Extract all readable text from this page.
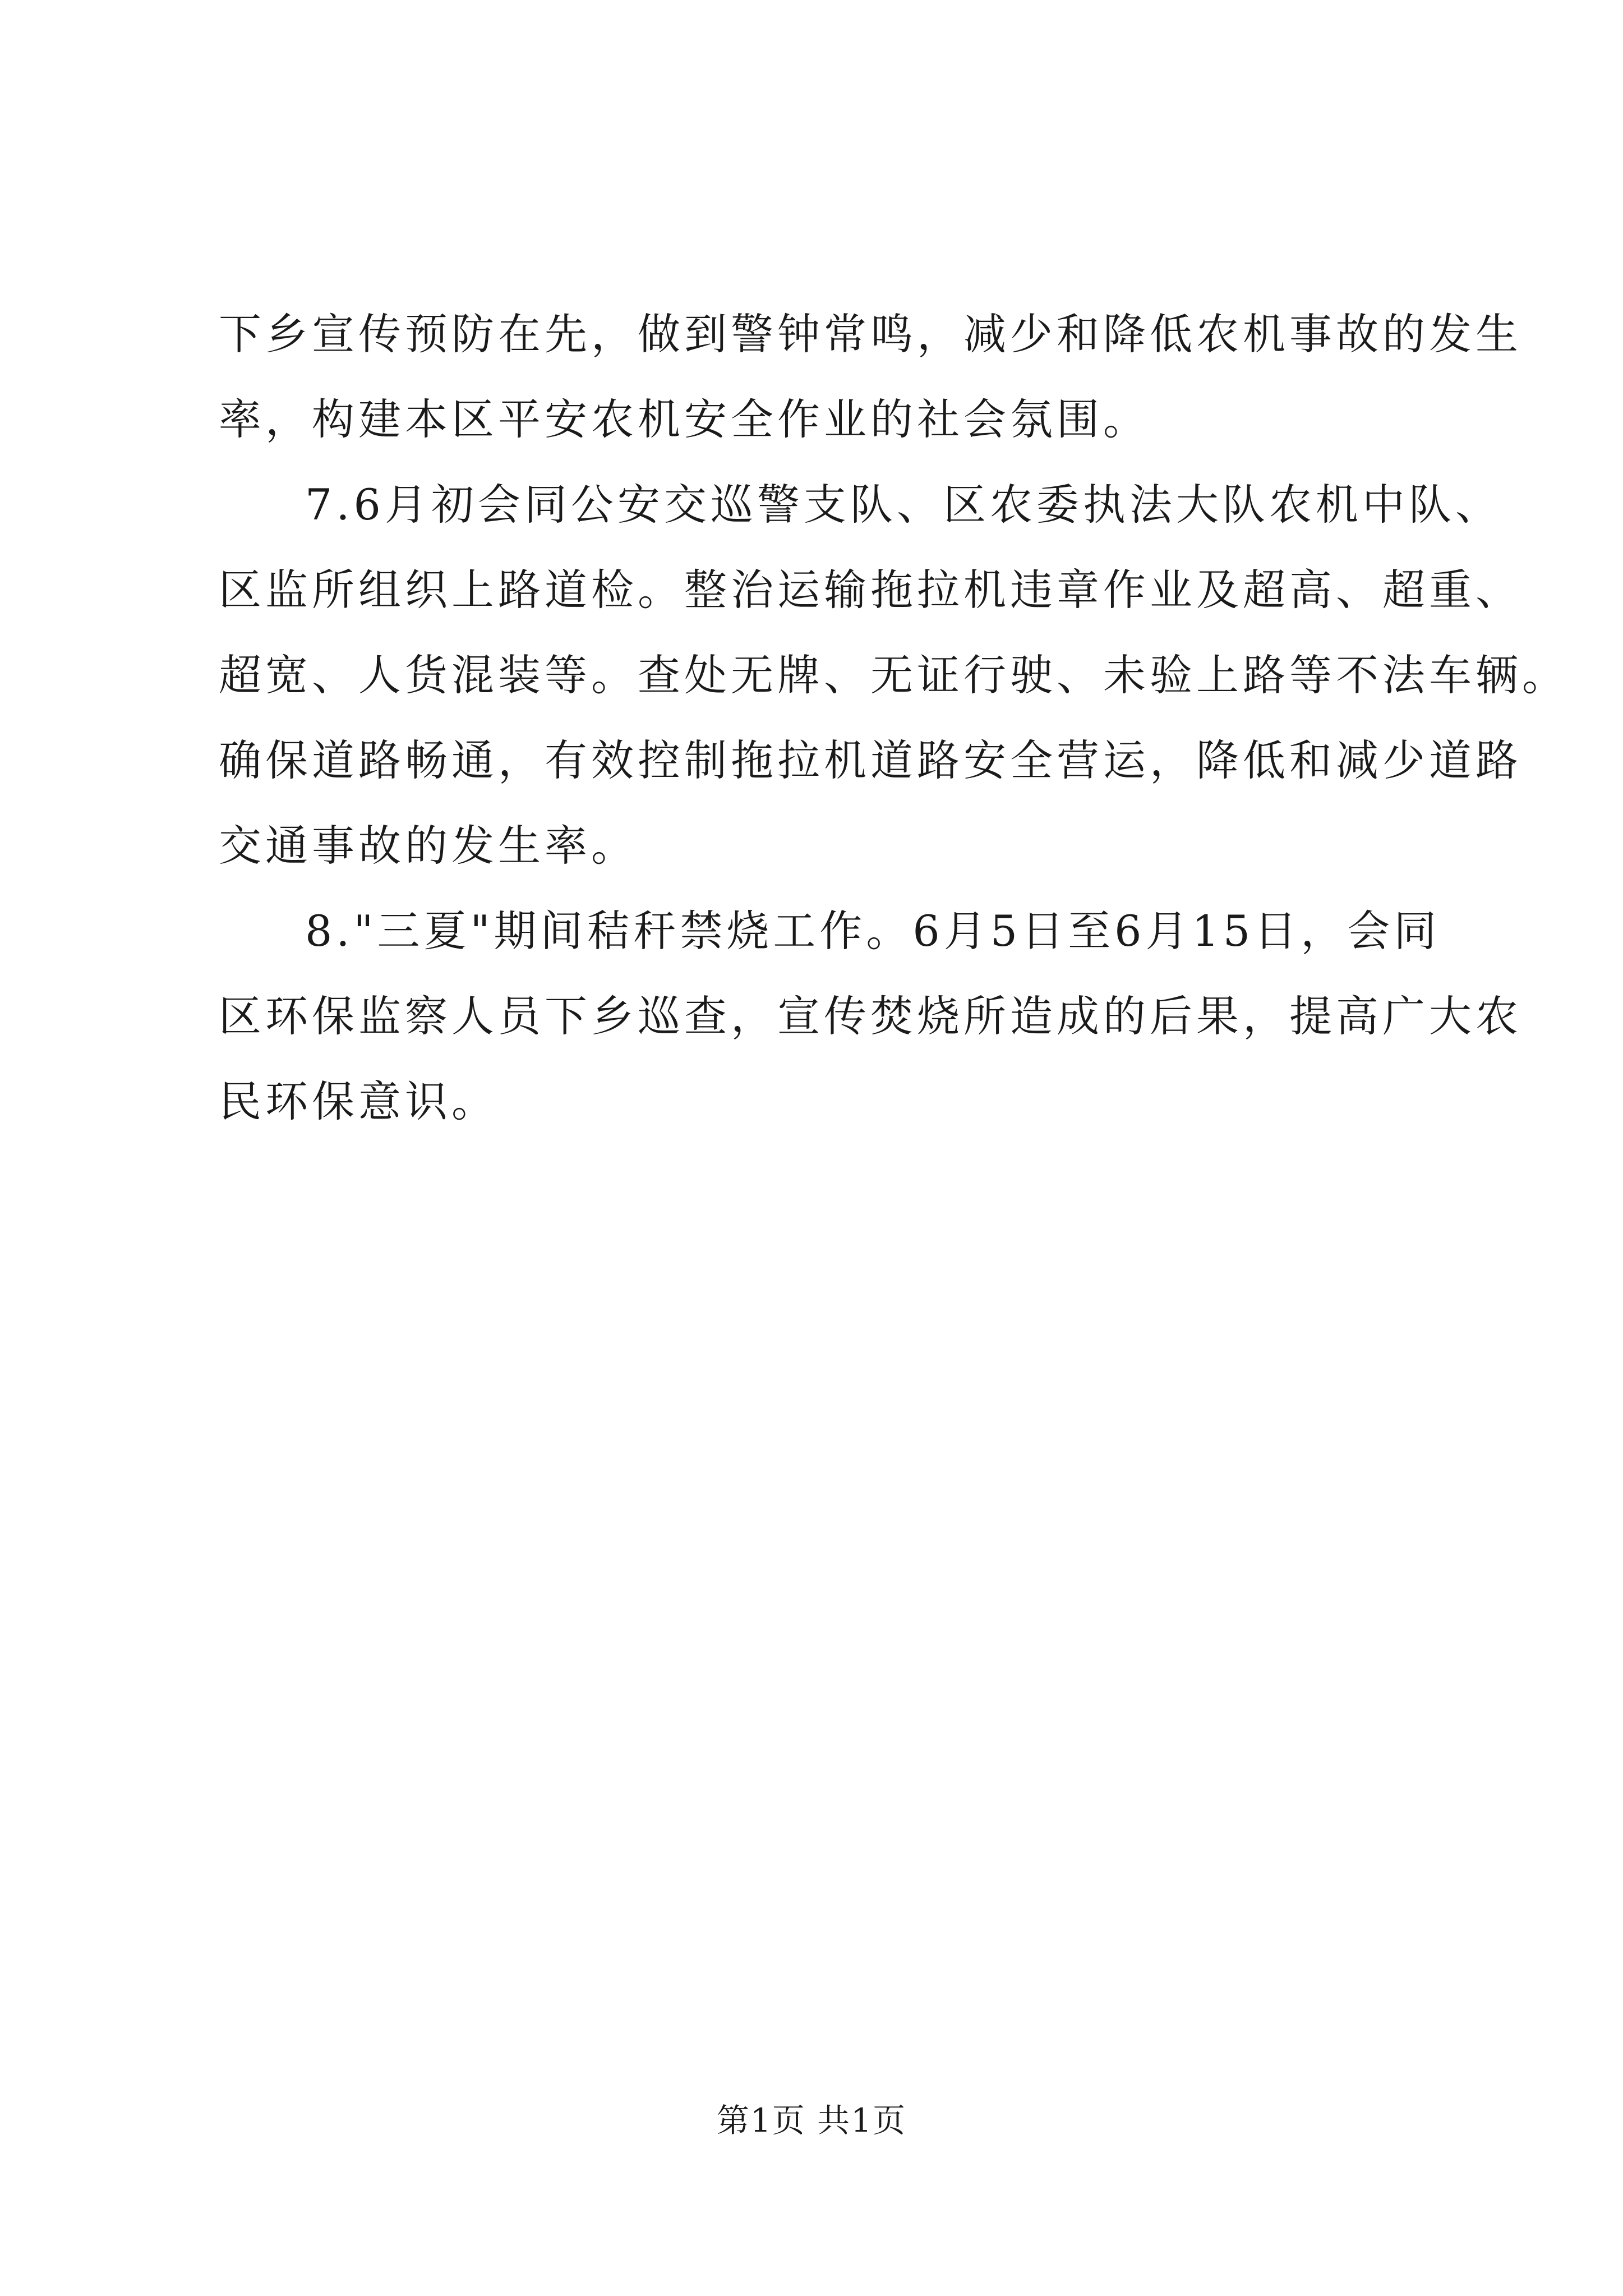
下乡宣传预防在先，做到警钟常鸣，减少和降低农机事故的发生
率，构建本区平安农机安全作业的社会氛围。
7.6月初会同公安交巡警支队、区农委执法大队农机中队、
区监所组织上路道检。整治运输拖拉机违章作业及超高、超重、
超宽、人货混装等。查处无牌、无证行驶、未验上路等不法车辆。
确保道路畅通，有效控制拖拉机道路安全营运，降低和减少道路
交通事故的发生率。
8."三夏"期间秸秆禁烧工作。6月5日至6月15日，会同
区环保监察人员下乡巡查，宣传焚烧所造成的后果，提高广大农
民环保意识。
第1页 共1页
